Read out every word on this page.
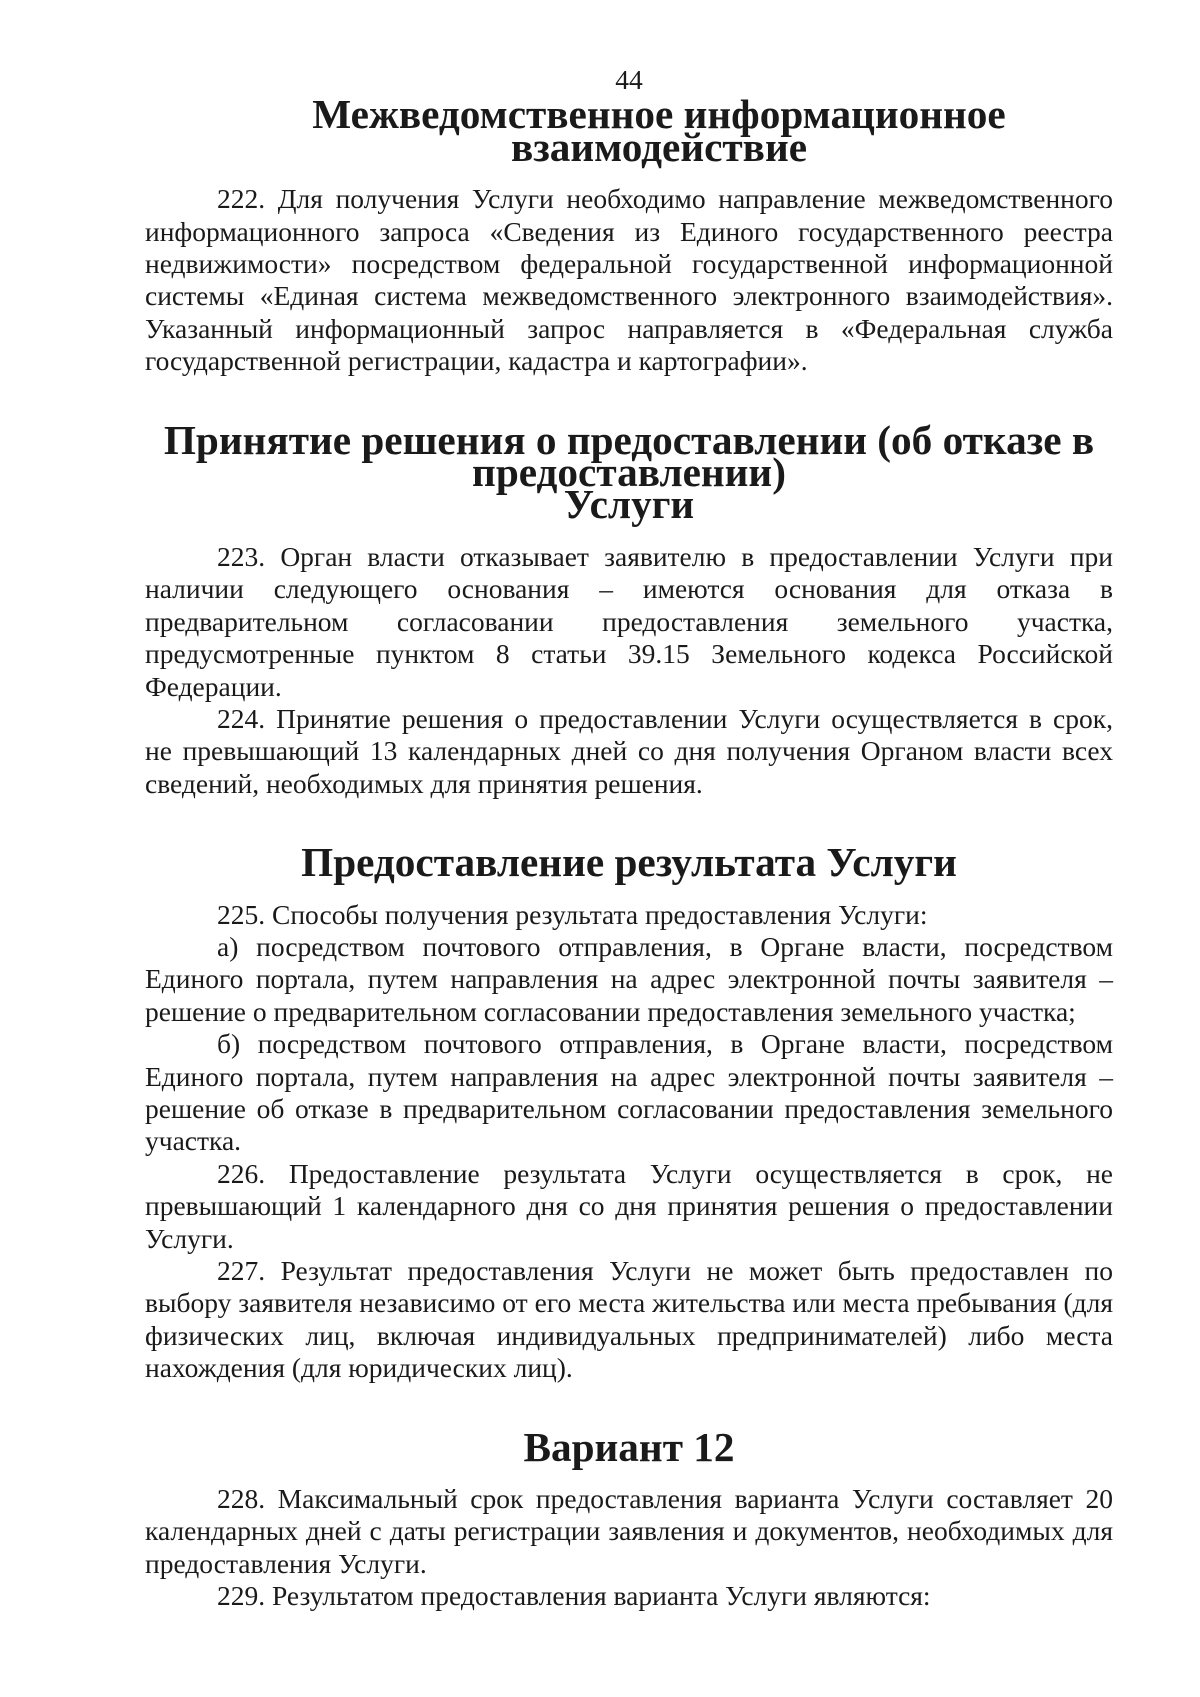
44
Межведомственное информационное взаимодействие

222. Для получения Услуги необходимо направление межведомственного информационного запроса «Сведения из Единого государственного реестра недвижимости» посредством федеральной государственной информационной системы «Единая система межведомственного электронного взаимодействия». Указанный информационный запрос направляется в «Федеральная служба государственной регистрации, кадастра и картографии».

Принятие решения о предоставлении (об отказе в предоставлении)
Услуги

223. Орган власти отказывает заявителю в предоставлении Услуги при наличии следующего основания – имеются основания для отказа в предварительном согласовании предоставления земельного участка, предусмотренные пунктом 8 статьи 39.15 Земельного кодекса Российской Федерации.

224. Принятие решения о предоставлении Услуги осуществляется в срок, не превышающий 13 календарных дней со дня получения Органом власти всех сведений, необходимых для принятия решения.

Предоставление результата Услуги

225. Способы получения результата предоставления Услуги:

а) посредством почтового отправления, в Органе власти, посредством Единого портала, путем направления на адрес электронной почты заявителя – решение о предварительном согласовании предоставления земельного участка;

б) посредством почтового отправления, в Органе власти, посредством Единого портала, путем направления на адрес электронной почты заявителя – решение об отказе в предварительном согласовании предоставления земельного участка.

226. Предоставление результата Услуги осуществляется в срок, не превышающий 1 календарного дня со дня принятия решения о предоставлении Услуги.

227. Результат предоставления Услуги не может быть предоставлен по выбору заявителя независимо от его места жительства или места пребывания (для физических лиц, включая индивидуальных предпринимателей) либо места нахождения (для юридических лиц).

Вариант 12

228. Максимальный срок предоставления варианта Услуги составляет 20 календарных дней с даты регистрации заявления и документов, необходимых для предоставления Услуги.

229. Результатом предоставления варианта Услуги являются:
